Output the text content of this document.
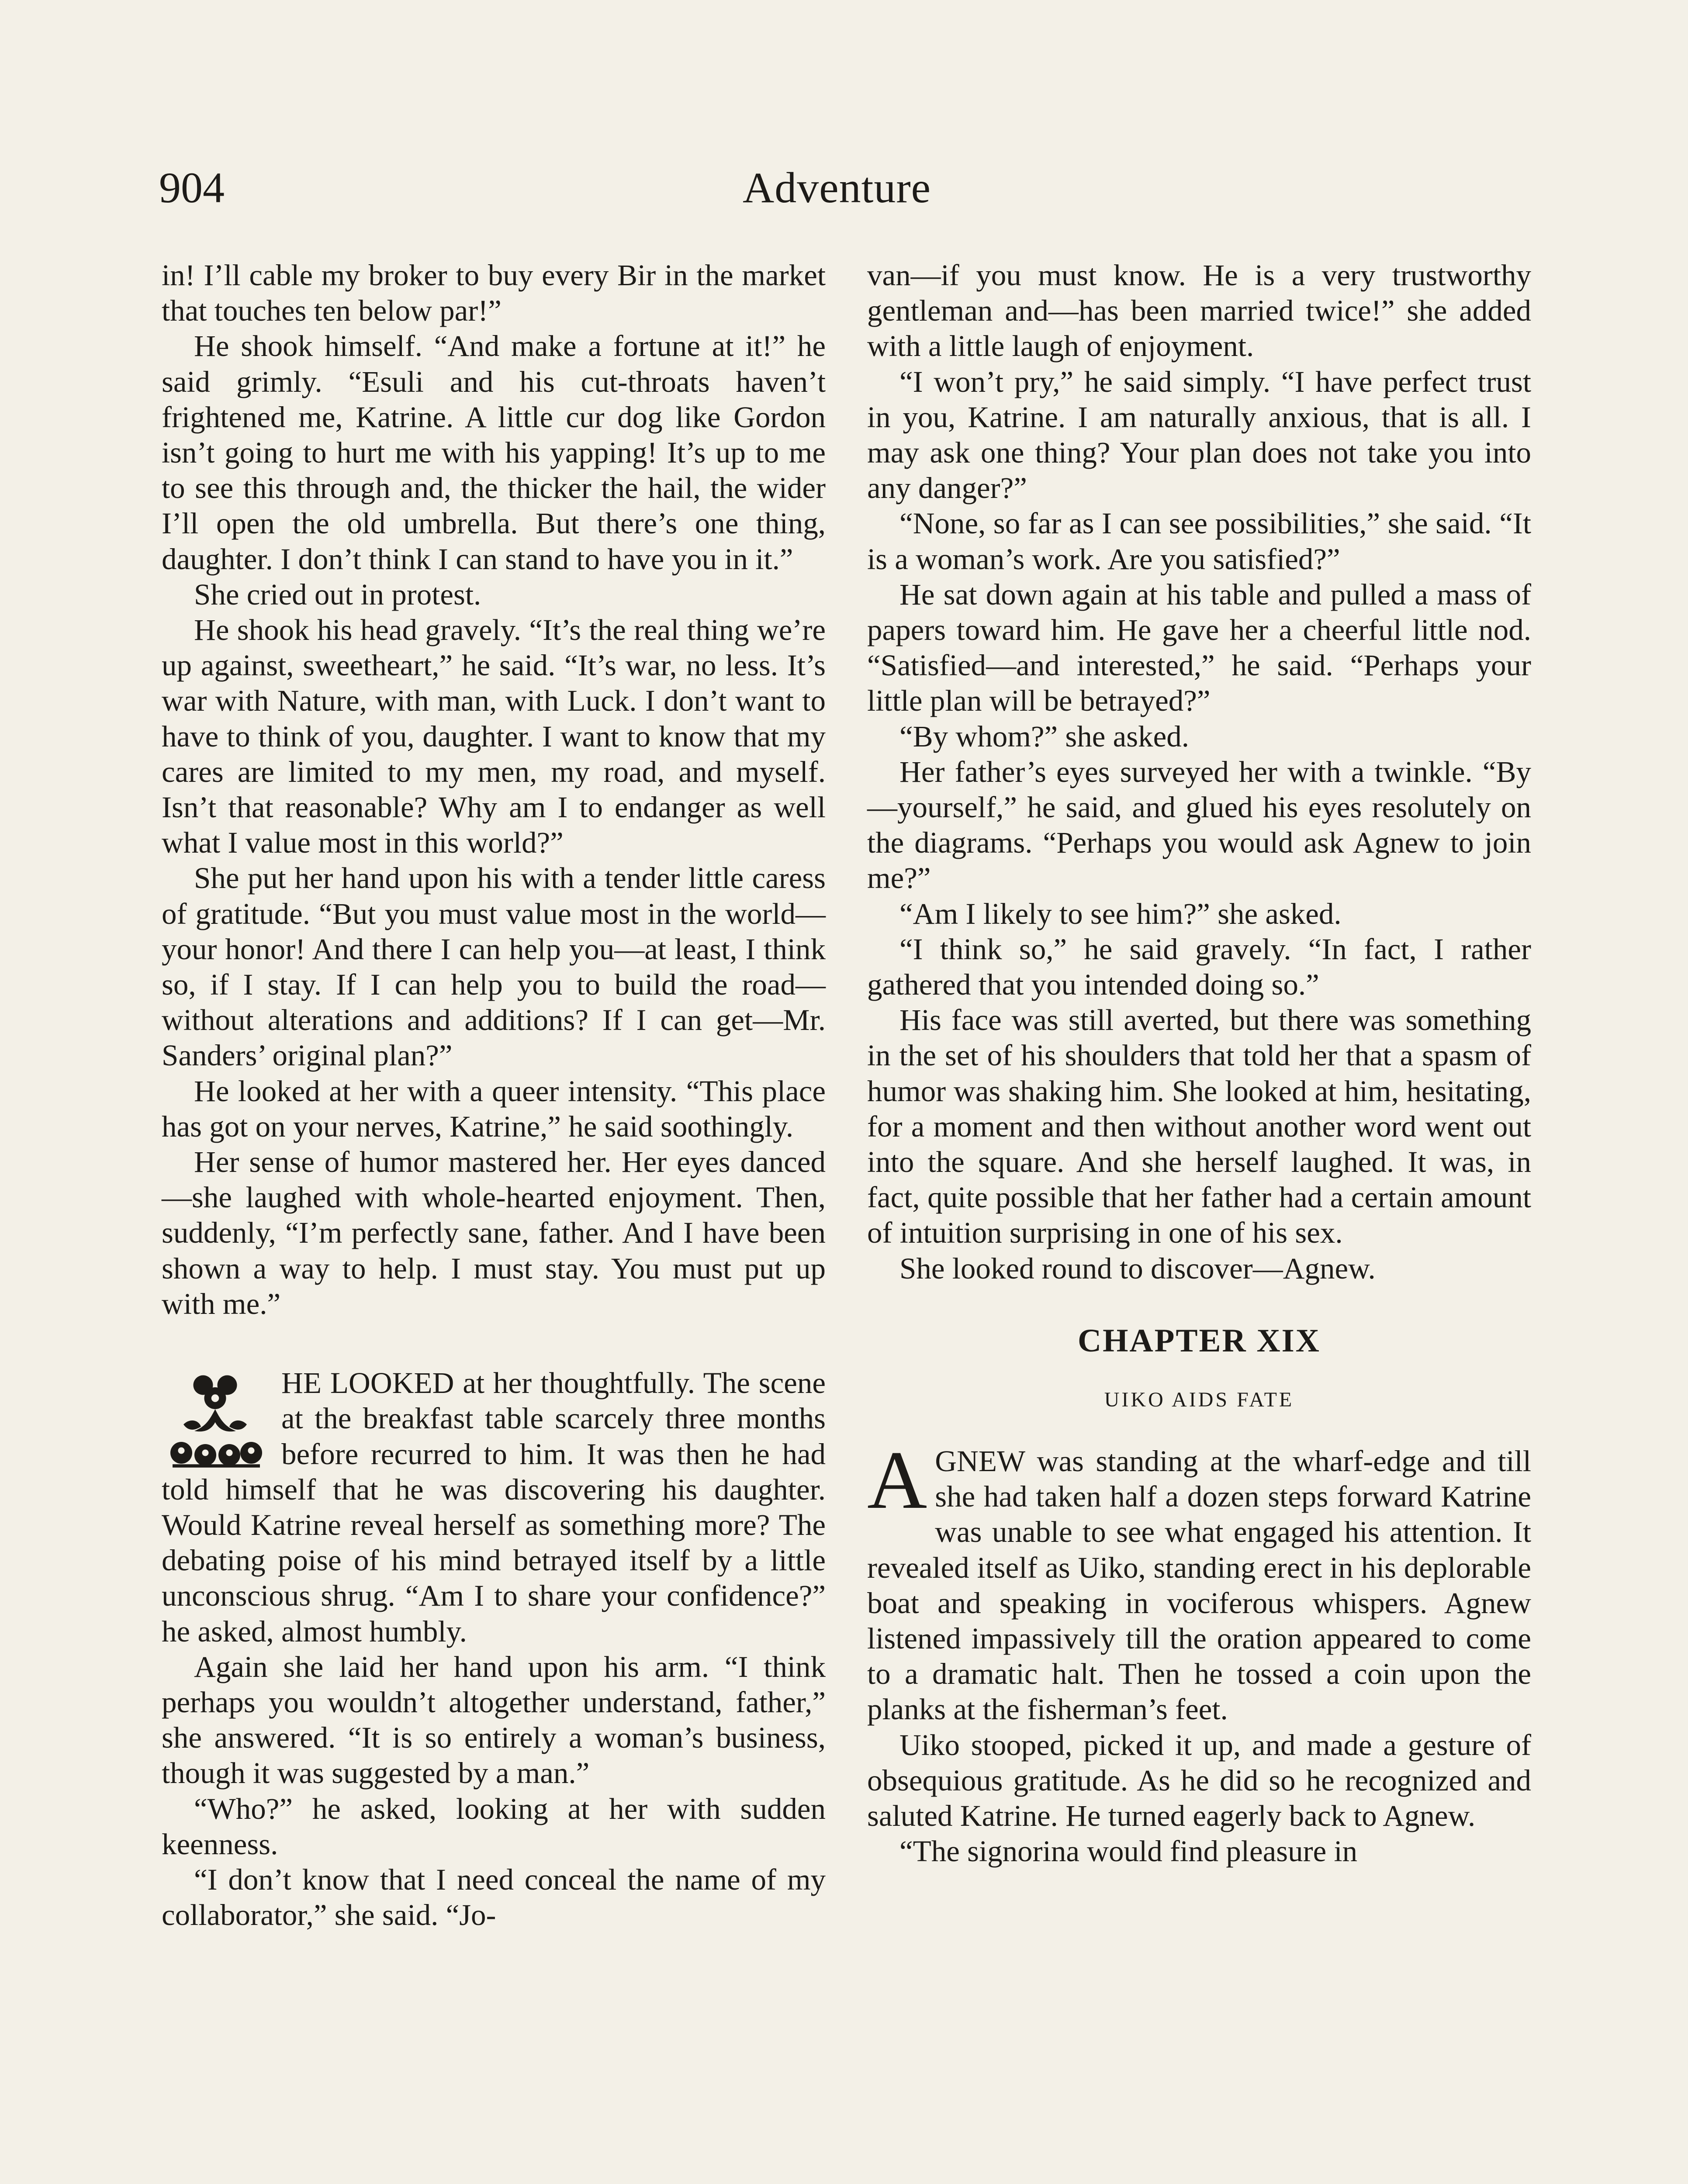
904	Adventure

in! I’ll cable my broker to buy every Bir in the market that touches ten below par!”

He shook himself. “And make a fortune at it!” he said grimly. “Esuli and his cut-throats haven’t frightened me, Katrine. A little cur dog like Gordon isn’t going to hurt me with his yapping! It’s up to me to see this through and, the thicker the hail, the wider I’ll open the old umbrella. But there’s one thing, daughter. I don’t think I can stand to have you in it.”

She cried out in protest.

He shook his head gravely. “It’s the real thing we’re up against, sweetheart,” he said. “It’s war, no less. It’s war with Nature, with man, with Luck. I don’t want to have to think of you, daughter. I want to know that my cares are limited to my men, my road, and myself. Isn’t that reasonable? Why am I to endanger as well what I value most in this world?”

She put her hand upon his with a tender little caress of gratitude. “But you must value most in the world—your honor! And there I can help you—at least, I think so, if I stay. If I can help you to build the road—without alterations and additions? If I can get—Mr. Sanders’ original plan?”

He looked at her with a queer intensity. “This place has got on your nerves, Katrine,” he said soothingly.

Her sense of humor mastered her. Her eyes danced—she laughed with whole-hearted enjoyment. Then, suddenly, “I’m perfectly sane, father. And I have been shown a way to help. I must stay. You must put up with me.”

HE LOOKED at her thoughtfully. The scene at the breakfast table scarcely three months before recurred to him. It was then he had told himself that he was discovering his daughter. Would Katrine reveal herself as something more? The debating poise of his mind betrayed itself by a little unconscious shrug. “Am I to share your confidence?” he asked, almost humbly.

Again she laid her hand upon his arm. “I think perhaps you wouldn’t altogether understand, father,” she answered. “It is so entirely a woman’s business, though it was suggested by a man.”

“Who?” he asked, looking at her with sudden keenness.

“I don’t know that I need conceal the name of my collaborator,” she said. “Jo-

van—if you must know. He is a very trustworthy gentleman and—has been married twice!” she added with a little laugh of enjoyment.

“I won’t pry,” he said simply. “I have perfect trust in you, Katrine. I am naturally anxious, that is all. I may ask one thing? Your plan does not take you into any danger?”

“None, so far as I can see possibilities,” she said. “It is a woman’s work. Are you satisfied?”

He sat down again at his table and pulled a mass of papers toward him. He gave her a cheerful little nod. “Satisfied—and interested,” he said. “Perhaps your little plan will be betrayed?”

“By whom?” she asked.

Her father’s eyes surveyed her with a twinkle. “By—yourself,” he said, and glued his eyes resolutely on the diagrams. “Perhaps you would ask Agnew to join me?”

“Am I likely to see him?” she asked.

“I think so,” he said gravely. “In fact, I rather gathered that you intended doing so.”

His face was still averted, but there was something in the set of his shoulders that told her that a spasm of humor was shaking him. She looked at him, hesitating, for a moment and then without another word went out into the square. And she herself laughed. It was, in fact, quite possible that her father had a certain amount of intuition surprising in one of his sex.

She looked round to discover—Agnew.

CHAPTER XIX
UIKO AIDS FATE

AGNEW was standing at the wharf-edge and till she had taken half a dozen steps forward Katrine was unable to see what engaged his attention. It revealed itself as Uiko, standing erect in his deplorable boat and speaking in vociferous whispers. Agnew listened impassively till the oration appeared to come to a dramatic halt. Then he tossed a coin upon the planks at the fisherman’s feet.

Uiko stooped, picked it up, and made a gesture of obsequious gratitude. As he did so he recognized and saluted Katrine. He turned eagerly back to Agnew.

“The signorina would find pleasure in
